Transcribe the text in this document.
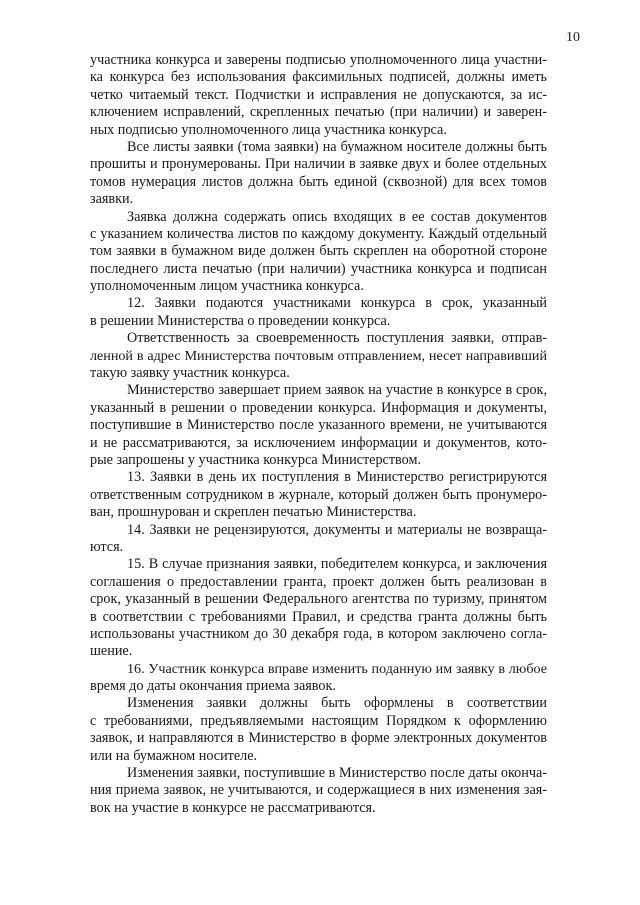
10
участника конкурса и заверены подписью уполномоченного лица участни-
ка конкурса без использования факсимильных подписей, должны иметь
четко читаемый текст. Подчистки и исправления не допускаются, за ис-
ключением исправлений, скрепленных печатью (при наличии) и заверен-
ных подписью уполномоченного лица участника конкурса.
Все листы заявки (тома заявки) на бумажном носителе должны быть
прошиты и пронумерованы. При наличии в заявке двух и более отдельных
томов нумерация листов должна быть единой (сквозной) для всех томов
заявки.
Заявка должна содержать опись входящих в ее состав документов
с указанием количества листов по каждому документу. Каждый отдельный
том заявки в бумажном виде должен быть скреплен на оборотной стороне
последнего листа печатью (при наличии) участника конкурса и подписан
уполномоченным лицом участника конкурса.
12. Заявки подаются участниками конкурса в срок, указанный
в решении Министерства о проведении конкурса.
Ответственность за своевременность поступления заявки, отправ-
ленной в адрес Министерства почтовым отправлением, несет направивший
такую заявку участник конкурса.
Министерство завершает прием заявок на участие в конкурсе в срок,
указанный в решении о проведении конкурса. Информация и документы,
поступившие в Министерство после указанного времени, не учитываются
и не рассматриваются, за исключением информации и документов, кото-
рые запрошены у участника конкурса Министерством.
13. Заявки в день их поступления в Министерство регистрируются
ответственным сотрудником в журнале, который должен быть пронумеро-
ван, прошнурован и скреплен печатью Министерства.
14. Заявки не рецензируются, документы и материалы не возвраща-
ются.
15. В случае признания заявки, победителем конкурса, и заключения
соглашения о предоставлении гранта, проект должен быть реализован в
срок, указанный в решении Федерального агентства по туризму, принятом
в соответствии с требованиями Правил, и средства гранта должны быть
использованы участником до 30 декабря года, в котором заключено согла-
шение.
16. Участник конкурса вправе изменить поданную им заявку в любое
время до даты окончания приема заявок.
Изменения заявки должны быть оформлены в соответствии
с требованиями, предъявляемыми настоящим Порядком к оформлению
заявок, и направляются в Министерство в форме электронных документов
или на бумажном носителе.
Изменения заявки, поступившие в Министерство после даты оконча-
ния приема заявок, не учитываются, и содержащиеся в них изменения зая-
вок на участие в конкурсе не рассматриваются.
